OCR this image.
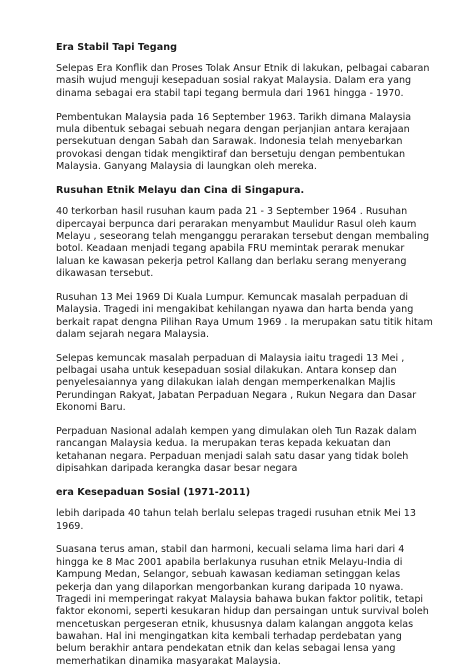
Era Stabil Tapi Tegang

Selepas Era Konflik dan Proses Tolak Ansur Etnik di lakukan, pelbagai cabaran masih wujud menguji kesepaduan sosial rakyat Malaysia. Dalam era yang dinama sebagai era stabil tapi tegang bermula dari 1961 hingga - 1970.

Pembentukan Malaysia pada 16 September 1963. Tarikh dimana Malaysia mula dibentuk sebagai sebuah negara dengan perjanjian antara kerajaan persekutuan dengan Sabah dan Sarawak. Indonesia telah menyebarkan provokasi dengan tidak mengiktiraf dan bersetuju dengan pembentukan Malaysia. Ganyang Malaysia di laungkan oleh mereka.

Rusuhan Etnik Melayu dan Cina di Singapura.

40 terkorban hasil rusuhan kaum pada 21 - 3 September 1964 . Rusuhan dipercayai berpunca dari perarakan menyambut Maulidur Rasul oleh kaum Melayu , seseorang telah menganggu perarakan tersebut dengan membaling botol. Keadaan menjadi tegang apabila FRU memintak perarak menukar laluan ke kawasan pekerja petrol Kallang dan berlaku serang menyerang dikawasan tersebut.

Rusuhan 13 Mei 1969 Di Kuala Lumpur. Kemuncak masalah perpaduan di Malaysia. Tragedi ini mengakibat kehilangan nyawa dan harta benda yang berkait rapat dengna Pilihan Raya Umum 1969 . Ia merupakan satu titik hitam dalam sejarah negara Malaysia.

Selepas kemuncak masalah perpaduan di Malaysia iaitu tragedi 13 Mei , pelbagai usaha untuk kesepaduan sosial dilakukan. Antara konsep dan penyelesaiannya yang dilakukan ialah dengan memperkenalkan Majlis Perundingan Rakyat, Jabatan Perpaduan Negara , Rukun Negara dan Dasar Ekonomi Baru.

Perpaduan Nasional adalah kempen yang dimulakan oleh Tun Razak dalam rancangan Malaysia kedua. Ia merupakan teras kepada kekuatan dan ketahanan negara. Perpaduan menjadi salah satu dasar yang tidak boleh dipisahkan daripada kerangka dasar besar negara

era Kesepaduan Sosial (1971-2011)

lebih daripada 40 tahun telah berlalu selepas tragedi rusuhan etnik Mei 13 1969.

Suasana terus aman, stabil dan harmoni, kecuali selama lima hari dari 4 hingga ke 8 Mac 2001 apabila berlakunya rusuhan etnik Melayu-India di Kampung Medan, Selangor, sebuah kawasan kediaman setinggan kelas pekerja dan yang dilaporkan mengorbankan kurang daripada 10 nyawa. Tragedi ini memperingat rakyat Malaysia bahawa bukan faktor politik, tetapi faktor ekonomi, seperti kesukaran hidup dan persaingan untuk survival boleh mencetuskan pergeseran etnik, khususnya dalam kalangan anggota kelas bawahan. Hal ini mengingatkan kita kembali terhadap perdebatan yang belum berakhir antara pendekatan etnik dan kelas sebagai lensa yang memerhatikan dinamika masyarakat Malaysia.
